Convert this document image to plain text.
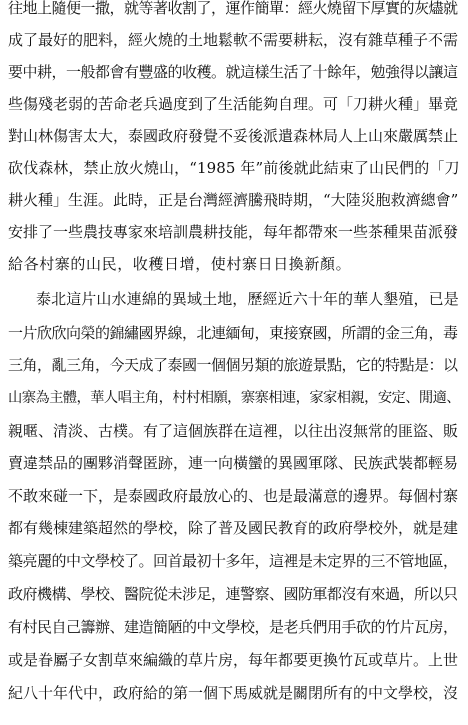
往地上隨便一撒，就等著收割了，運作簡單：經火燒留下厚實的灰燼就
成了最好的肥料，經火燒的土地鬆軟不需要耕耘，沒有雜草種子不需
要中耕，一般都會有豐盛的收穫。就這樣生活了十餘年，勉強得以讓這
些傷殘老弱的苦命老兵過度到了生活能夠自理。可「刀耕火種」畢竟
對山林傷害太大，泰國政府發覺不妥後派遣森林局人上山來嚴厲禁止
砍伐森林，禁止放火燒山，“1985 年”前後就此結束了山民們的「刀
耕火種」生涯。此時，正是台灣經濟騰飛時期，“大陸災胞救濟總會”
安排了一些農技專家來培訓農耕技能，每年都帶來一些茶種果苗派發
給各村寨的山民，收穫日增，使村寨日日換新顏。
泰北這片山水連綿的異域土地，歷經近六十年的華人墾殖，已是
一片欣欣向榮的錦繡國界線，北連緬甸，東接寮國，所謂的金三角，毒
三角，亂三角，今天成了泰國一個個另類的旅遊景點，它的特點是：以
山寨為主體，華人唱主角，村村相願，寨寨相連，家家相親，安定、閒適、
親暱、清淡、古樸。有了這個族群在這裡，以往出沒無常的匪盜、販
賣違禁品的團夥消聲匿跡，連一向橫蠻的異國軍隊、民族武裝都輕易
不敢來碰一下，是泰國政府最放心的、也是最滿意的邊界。每個村寨
都有幾棟建築超然的學校，除了普及國民教育的政府學校外，就是建
築亮麗的中文學校了。回首最初十多年，這裡是未定界的三不管地區，
政府機構、學校、醫院從未涉足，連警察、國防軍都沒有來過，所以只
有村民自己籌辦、建造簡陋的中文學校，是老兵們用手砍的竹片瓦房，
或是眷屬子女割草來編織的草片房，每年都要更換竹瓦或草片。上世
紀八十年代中，政府給的第一個下馬威就是關閉所有的中文學校，沒
